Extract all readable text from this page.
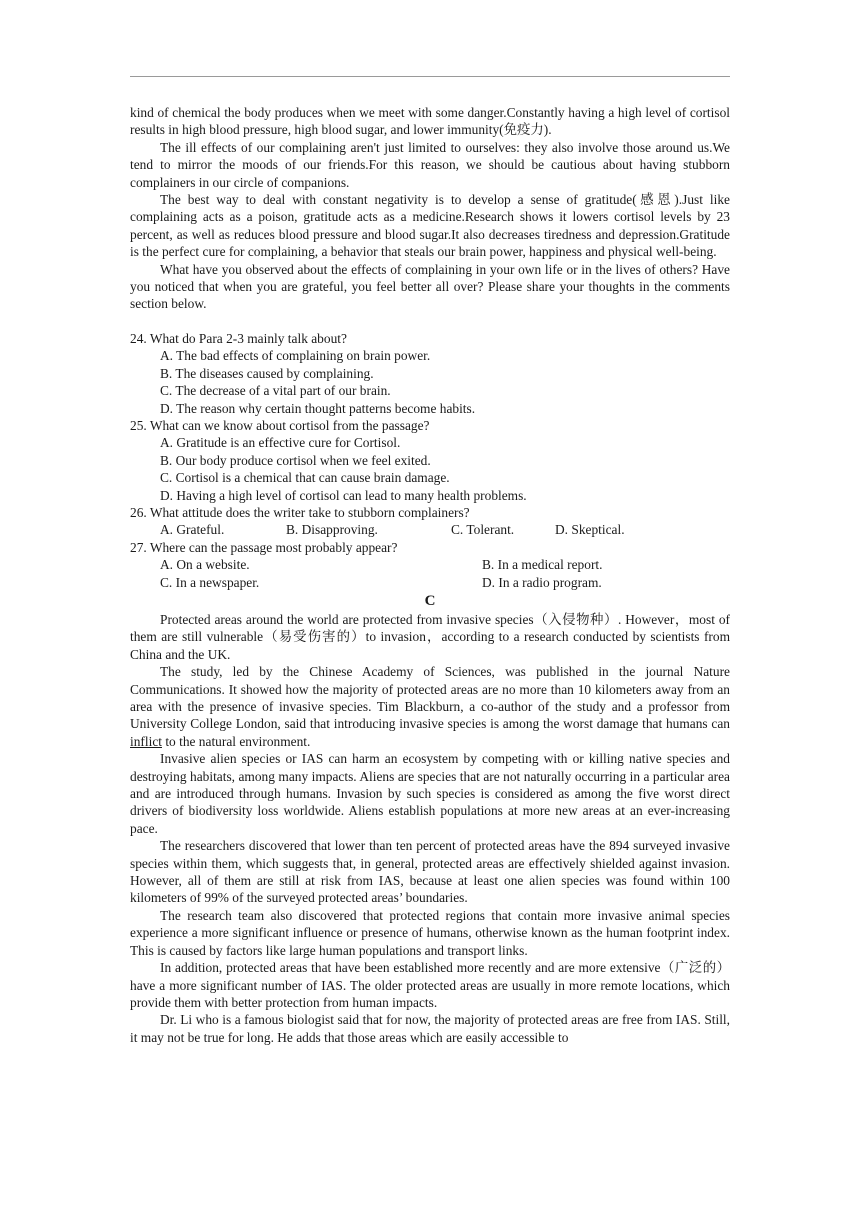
kind of chemical the body produces when we meet with some danger.Constantly having a high level of cortisol results in high blood pressure, high blood sugar, and lower immunity(免疫力).

The ill effects of our complaining aren't just limited to ourselves: they also involve those around us.We tend to mirror the moods of our friends.For this reason, we should be cautious about having stubborn complainers in our circle of companions.

The best way to deal with constant negativity is to develop a sense of gratitude(感恩).Just like complaining acts as a poison, gratitude acts as a medicine.Research shows it lowers cortisol levels by 23 percent, as well as reduces blood pressure and blood sugar.It also decreases tiredness and depression.Gratitude is the perfect cure for complaining, a behavior that steals our brain power, happiness and physical well-being.

What have you observed about the effects of complaining in your own life or in the lives of others? Have you noticed that when you are grateful, you feel better all over? Please share your thoughts in the comments section below.

24. What do Para 2-3 mainly talk about?

A. The bad effects of complaining on brain power.

B. The diseases caused by complaining.

C. The decrease of a vital part of our brain.

D. The reason why certain thought patterns become habits.

25. What can we know about cortisol from the passage?

A. Gratitude is an effective cure for Cortisol.

B. Our body produce cortisol when we feel exited.

C. Cortisol is a chemical that can cause brain damage.

D. Having a high level of cortisol can lead to many health problems.

26. What attitude does the writer take to stubborn complainers?

A. Grateful.	B. Disapproving.	C. Tolerant.	D. Skeptical.

27. Where can the passage most probably appear?

A. On a website.	B. In a medical report.
C. In a newspaper.	D. In a radio program.

C

Protected areas around the world are protected from invasive species（入侵物种）. However，most of them are still vulnerable（易受伤害的）to invasion，according to a research conducted by scientists from China and the UK.

The study, led by the Chinese Academy of Sciences, was published in the journal Nature Communications. It showed how the majority of protected areas are no more than 10 kilometers away from an area with the presence of invasive species. Tim Blackburn, a co-author of the study and a professor from University College London, said that introducing invasive species is among the worst damage that humans can inflict to the natural environment.

Invasive alien species or IAS can harm an ecosystem by competing with or killing native species and destroying habitats, among many impacts. Aliens are species that are not naturally occurring in a particular area and are introduced through humans. Invasion by such species is considered as among the five worst direct drivers of biodiversity loss worldwide. Aliens establish populations at more new areas at an ever-increasing pace.

The researchers discovered that lower than ten percent of protected areas have the 894 surveyed invasive species within them, which suggests that, in general, protected areas are effectively shielded against invasion. However, all of them are still at risk from IAS, because at least one alien species was found within 100 kilometers of 99% of the surveyed protected areas’ boundaries.

The research team also discovered that protected regions that contain more invasive animal species experience a more significant influence or presence of humans, otherwise known as the human footprint index. This is caused by factors like large human populations and transport links.

In addition, protected areas that have been established more recently and are more extensive（广泛的）have a more significant number of IAS. The older protected areas are usually in more remote locations, which provide them with better protection from human impacts.

Dr. Li who is a famous biologist said that for now, the majority of protected areas are free from IAS. Still, it may not be true for long. He adds that those areas which are easily accessible to
